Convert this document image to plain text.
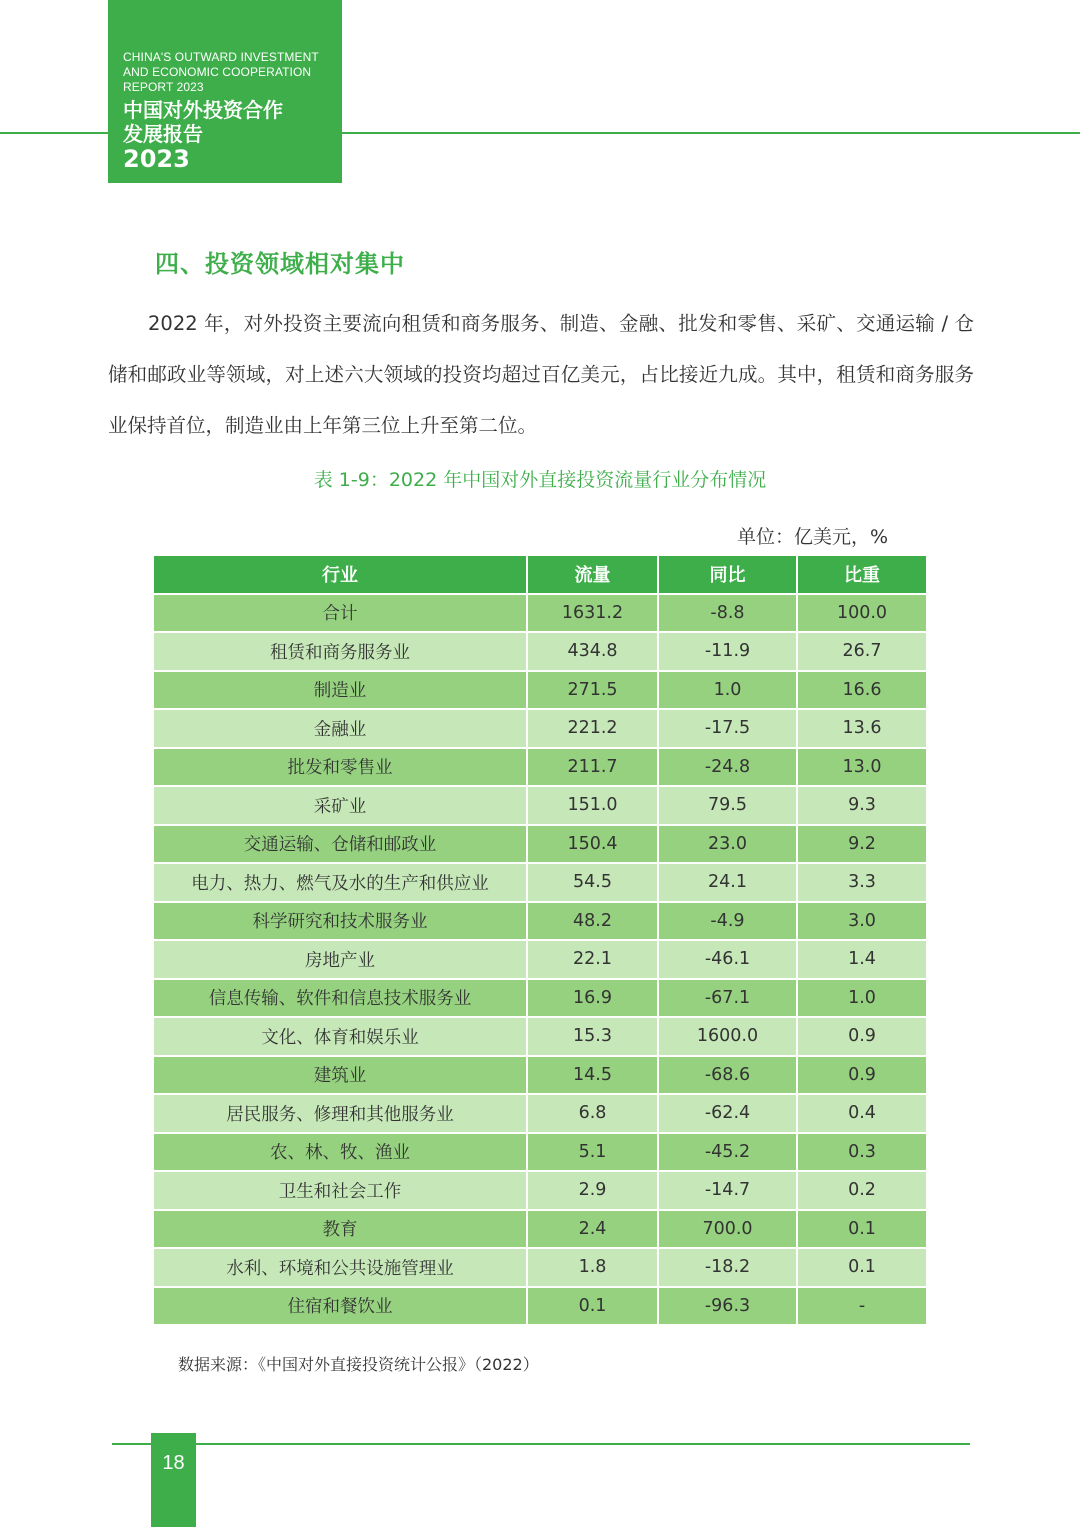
CHINA'S OUTWARD INVESTMENT
AND ECONOMIC COOPERATION
REPORT 2023
中国对外投资合作
发展报告
2023
四、投资领域相对集中
2022 年，对外投资主要流向租赁和商务服务、制造、金融、批发和零售、采矿、交通运输 / 仓储和邮政业等领域，对上述六大领域的投资均超过百亿美元，占比接近九成。其中，租赁和商务服务业保持首位，制造业由上年第三位上升至第二位。
表 1-9：2022 年中国对外直接投资流量行业分布情况
单位：亿美元，%
行业	流量	同比	比重
合计	1631.2	-8.8	100.0
租赁和商务服务业	434.8	-11.9	26.7
制造业	271.5	1.0	16.6
金融业	221.2	-17.5	13.6
批发和零售业	211.7	-24.8	13.0
采矿业	151.0	79.5	9.3
交通运输、仓储和邮政业	150.4	23.0	9.2
电力、热力、燃气及水的生产和供应业	54.5	24.1	3.3
科学研究和技术服务业	48.2	-4.9	3.0
房地产业	22.1	-46.1	1.4
信息传输、软件和信息技术服务业	16.9	-67.1	1.0
文化、体育和娱乐业	15.3	1600.0	0.9
建筑业	14.5	-68.6	0.9
居民服务、修理和其他服务业	6.8	-62.4	0.4
农、林、牧、渔业	5.1	-45.2	0.3
卫生和社会工作	2.9	-14.7	0.2
教育	2.4	700.0	0.1
水利、环境和公共设施管理业	1.8	-18.2	0.1
住宿和餐饮业	0.1	-96.3	-
数据来源：《中国对外直接投资统计公报》（2022）
18
